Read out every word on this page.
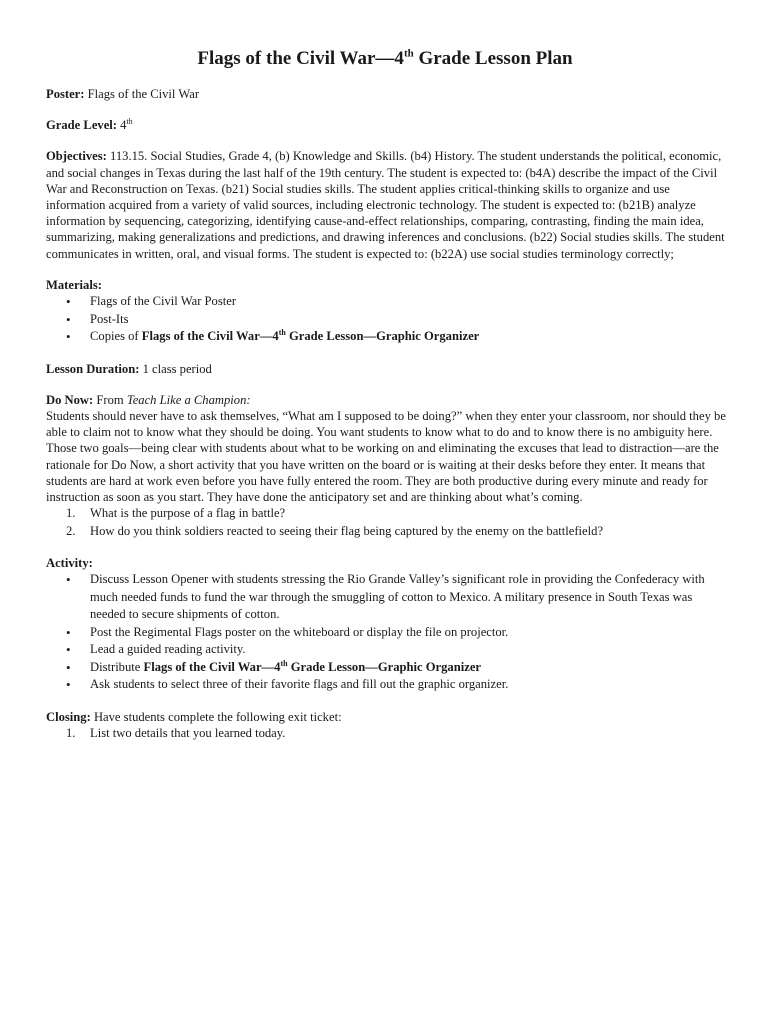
Flags of the Civil War—4th Grade Lesson Plan

Poster: Flags of the Civil War

Grade Level: 4th

Objectives: 113.15. Social Studies, Grade 4, (b) Knowledge and Skills. (b4) History. The student understands the political, economic, and social changes in Texas during the last half of the 19th century. The student is expected to: (b4A) describe the impact of the Civil War and Reconstruction on Texas. (b21) Social studies skills. The student applies critical-thinking skills to organize and use information acquired from a variety of valid sources, including electronic technology. The student is expected to: (b21B) analyze information by sequencing, categorizing, identifying cause-and-effect relationships, comparing, contrasting, finding the main idea, summarizing, making generalizations and predictions, and drawing inferences and conclusions. (b22) Social studies skills. The student communicates in written, oral, and visual forms. The student is expected to: (b22A) use social studies terminology correctly;

Materials:

• Flags of the Civil War Poster
• Post-Its
• Copies of Flags of the Civil War—4th Grade Lesson—Graphic Organizer

Lesson Duration: 1 class period

Do Now: From Teach Like a Champion:

Students should never have to ask themselves, “What am I supposed to be doing?” when they enter your classroom, nor should they be able to claim not to know what they should be doing. You want students to know what to do and to know there is no ambiguity here. Those two goals—being clear with students about what to be working on and eliminating the excuses that lead to distraction—are the rationale for Do Now, a short activity that you have written on the board or is waiting at their desks before they enter. It means that students are hard at work even before you have fully entered the room. They are both productive during every minute and ready for instruction as soon as you start. They have done the anticipatory set and are thinking about what’s coming.

1. What is the purpose of a flag in battle?
2. How do you think soldiers reacted to seeing their flag being captured by the enemy on the battlefield?

Activity:

• Discuss Lesson Opener with students stressing the Rio Grande Valley’s significant role in providing the Confederacy with much needed funds to fund the war through the smuggling of cotton to Mexico. A military presence in South Texas was needed to secure shipments of cotton.
• Post the Regimental Flags poster on the whiteboard or display the file on projector.
• Lead a guided reading activity.
• Distribute Flags of the Civil War—4th Grade Lesson—Graphic Organizer
• Ask students to select three of their favorite flags and fill out the graphic organizer.

Closing: Have students complete the following exit ticket:

1. List two details that you learned today.
